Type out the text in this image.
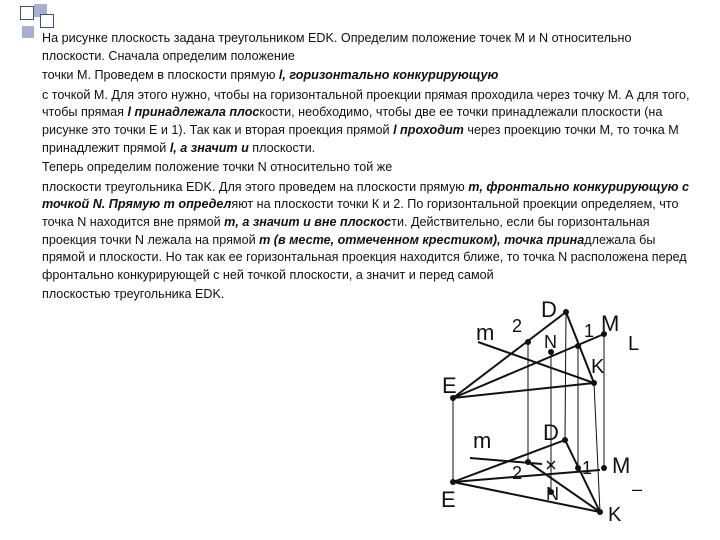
На рисунке плоскость задана треугольником EDK. Определим положение точек М и N относительно плоскости. Сначала определим положение

точки М. Проведем в плоскости прямую l, горизонтально конкурирующую

с точкой М. Для этого нужно, чтобы на горизонтальной проекции прямая проходила через точку М. А для того, чтобы прямая l принадлежала плоскости, необходимо, чтобы две ее точки принадлежали плоскости (на рисунке это точки Е и 1). Так как и вторая проекция прямой l проходит через проекцию точки М, то точка М принадлежит прямой l, а значит и плоскости.

Теперь определим положение точки N относительно той же

плоскости треугольника EDK. Для этого проведем на плоскости прямую m, фронтально конкурирующую с точкой N. Прямую m определяют на плоскости точки К и 2. По горизонтальной проекции определяем, что точка N находится вне прямой m, а значит и вне плоскости. Действительно, если бы горизонтальная проекция точки N лежала на прямой m (в месте, отмеченном крестиком), точка принадлежала бы прямой и плоскости. Но так как ее горизонтальная проекция находится ближе, то точка N расположена перед фронтально конкурирующей с ней точкой плоскости, а значит и перед самой

плоскостью треугольника EDK.

D
m 2
N
1 M
L
K
E
m D
2	1 M
–
N
E
K
